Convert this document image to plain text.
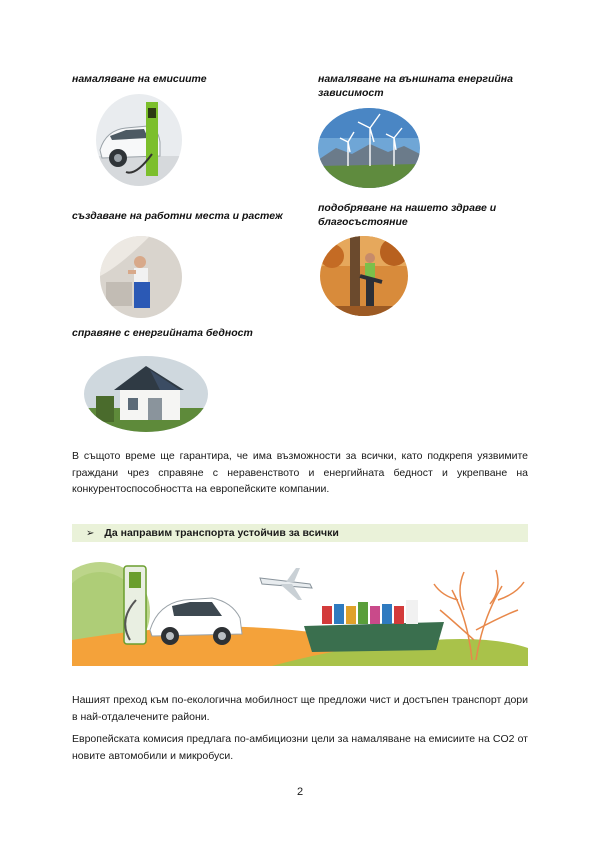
намаляване на емисиите	намаляване на външната енергийна зависимост
създаване на работни места и растеж
подобряване на нашето здраве и благосъстояние
справяне с енергийната бедност
В същото време ще гарантира, че има възможности за всички, като подкрепя уязвимите граждани чрез справяне с неравенството и енергийната бедност и укрепване на конкурентоспособността на европейските компании.
➢ Да направим транспорта устойчив за всички
Нашият преход към по-екологична мобилност ще предложи чист и достъпен транспорт дори в най-отдалечените райони.
Европейската комисия предлага по-амбициозни цели за намаляване на емисиите на CO2 от новите автомобили и микробуси.
2
